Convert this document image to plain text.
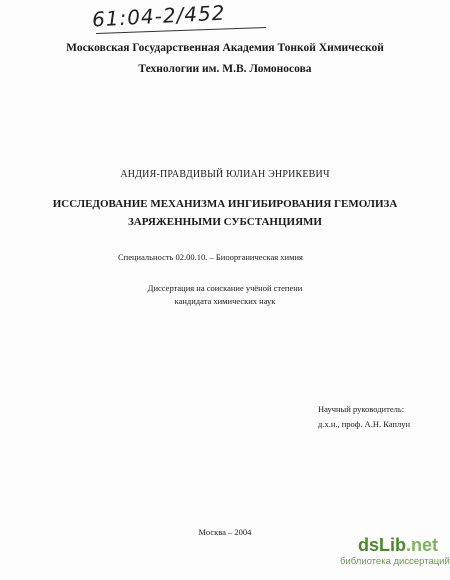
61:04-2/452
Московская Государственная Академия Тонкой Химической
Технологии им. М.В. Ломоносова
АНДИЯ-ПРАВДИВЫЙ ЮЛИАН ЭНРИКЕВИЧ
ИССЛЕДОВАНИЕ МЕХАНИЗМА ИНГИБИРОВАНИЯ ГЕМОЛИЗА
ЗАРЯЖЕННЫМИ СУБСТАНЦИЯМИ
Специальность 02.00.10. – Биоорганическая химия
Диссертация на соискание учёной степени
кандидата химических наук
Научный руководитель:
д.х.н., проф. А.Н. Каплун
Москва – 2004
dsLib.net
библиотека диссертаций
